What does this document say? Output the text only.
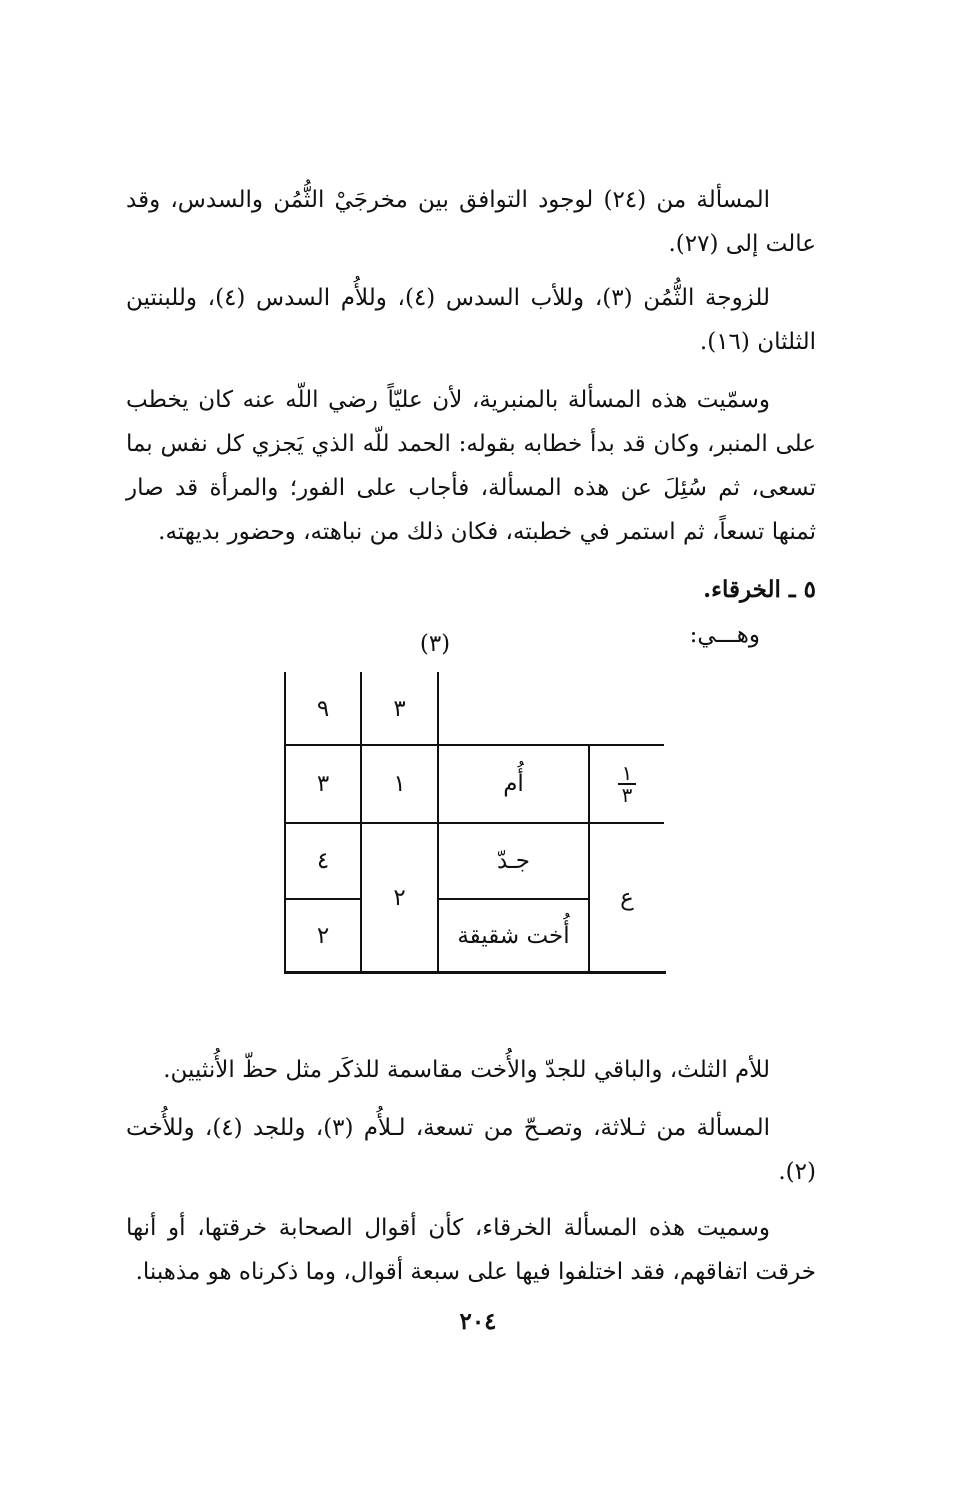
المسألة من (٢٤) لوجود التوافق بين مخرجَيْ الثُّمُن والسدس، وقد عالت إلى (٢٧).

للزوجة الثُّمُن (٣)، وللأب السدس (٤)، وللأُم السدس (٤)، وللبنتين الثلثان (١٦).

وسمّيت هذه المسألة بالمنبرية، لأن عليّاً رضي اللّه عنه كان يخطب على المنبر، وكان قد بدأ خطابه بقوله: الحمد للّه الذي يَجزي كل نفس بما تسعى، ثم سُئِلَ عن هذه المسألة، فأجاب على الفور؛ والمرأة قد صار ثمنها تسعاً، ثم استمر في خطبته، فكان ذلك من نباهته، وحضور بديهته.

٥ ـ الخرقاء.

وهـــي:

(٣)
٩	٣
$\frac{١}{٣}$
أُم
١
٣
ع
٢
جـدّ
٤
أُخت شقيقة
٢

للأم الثلث، والباقي للجدّ والأُخت مقاسمة للذكَر مثل حظّ الأُنثيين.

المسألة من ثـلاثة، وتصـحّ من تسعة، لـلأُم (٣)، وللجد (٤)، وللأُخت (٢).

وسميت هذه المسألة الخرقاء، كأن أقوال الصحابة خرقتها، أو أنها خرقت اتفاقهم، فقد اختلفوا فيها على سبعة أقوال، وما ذكرناه هو مذهبنا.

٢٠٤
